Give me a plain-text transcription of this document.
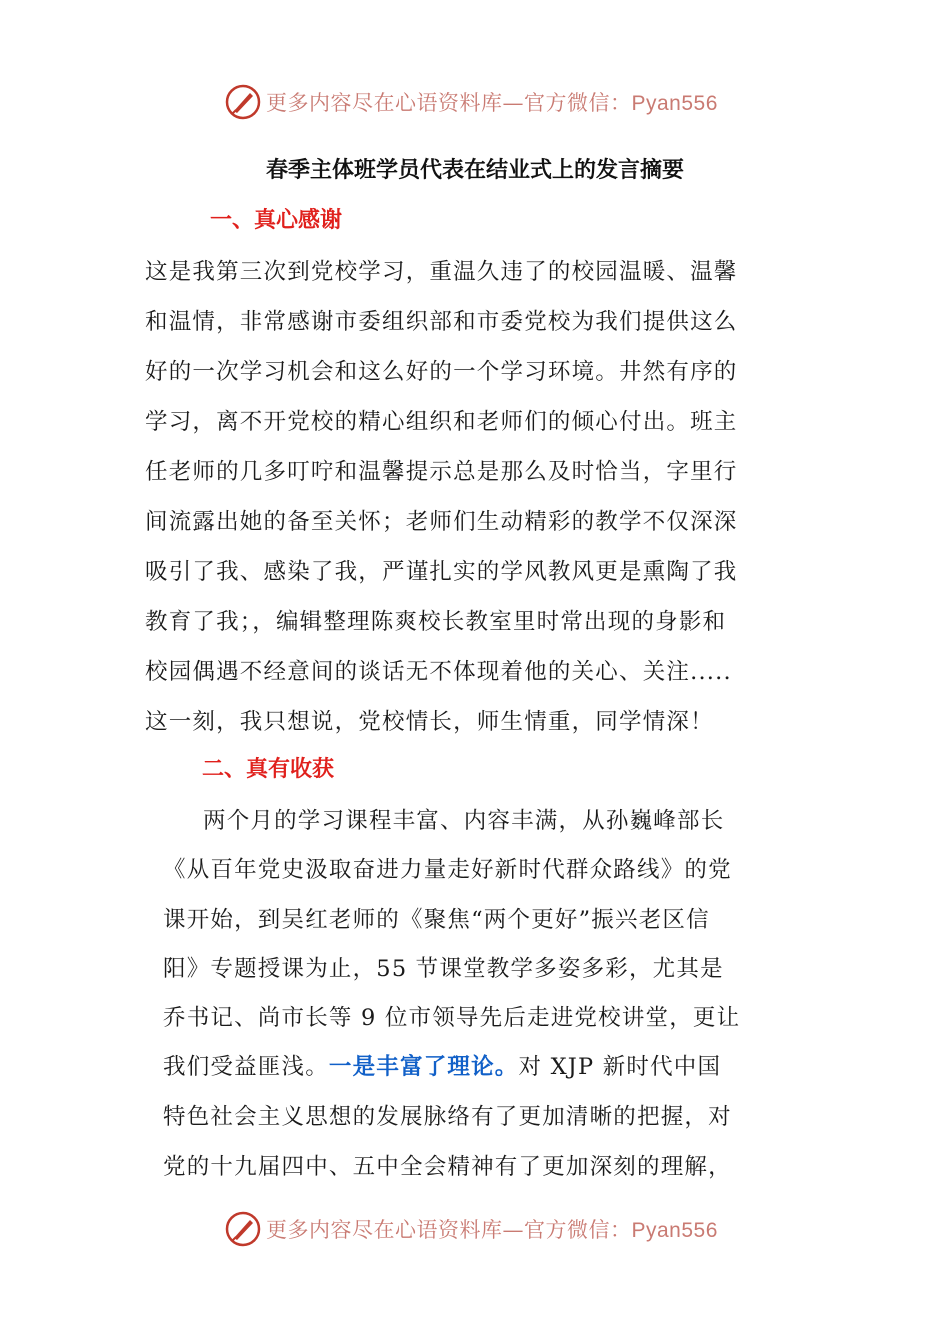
更多内容尽在心语资料库—官方微信：Pyan556
春季主体班学员代表在结业式上的发言摘要
一、真心感谢
这是我第三次到党校学习，重温久违了的校园温暖、温馨
和温情，非常感谢市委组织部和市委党校为我们提供这么
好的一次学习机会和这么好的一个学习环境。井然有序的
学习，离不开党校的精心组织和老师们的倾心付出。班主
任老师的几多叮咛和温馨提示总是那么及时恰当，字里行
间流露出她的备至关怀；老师们生动精彩的教学不仅深深
吸引了我、感染了我，严谨扎实的学风教风更是熏陶了我
教育了我；，编辑整理陈爽校长教室里时常出现的身影和
校园偶遇不经意间的谈话无不体现着他的关心、关注.....
这一刻，我只想说，党校情长，师生情重，同学情深！
二、真有收获
两个月的学习课程丰富、内容丰满，从孙巍峰部长
《从百年党史汲取奋进力量走好新时代群众路线》的党
课开始，到吴红老师的《聚焦“两个更好”振兴老区信
阳》专题授课为止，55 节课堂教学多姿多彩，尤其是
乔书记、尚市长等 9 位市领导先后走进党校讲堂，更让
我们受益匪浅。一是丰富了理论。对 XJP 新时代中国
特色社会主义思想的发展脉络有了更加清晰的把握，对
党的十九届四中、五中全会精神有了更加深刻的理解，
更多内容尽在心语资料库—官方微信：Pyan556
